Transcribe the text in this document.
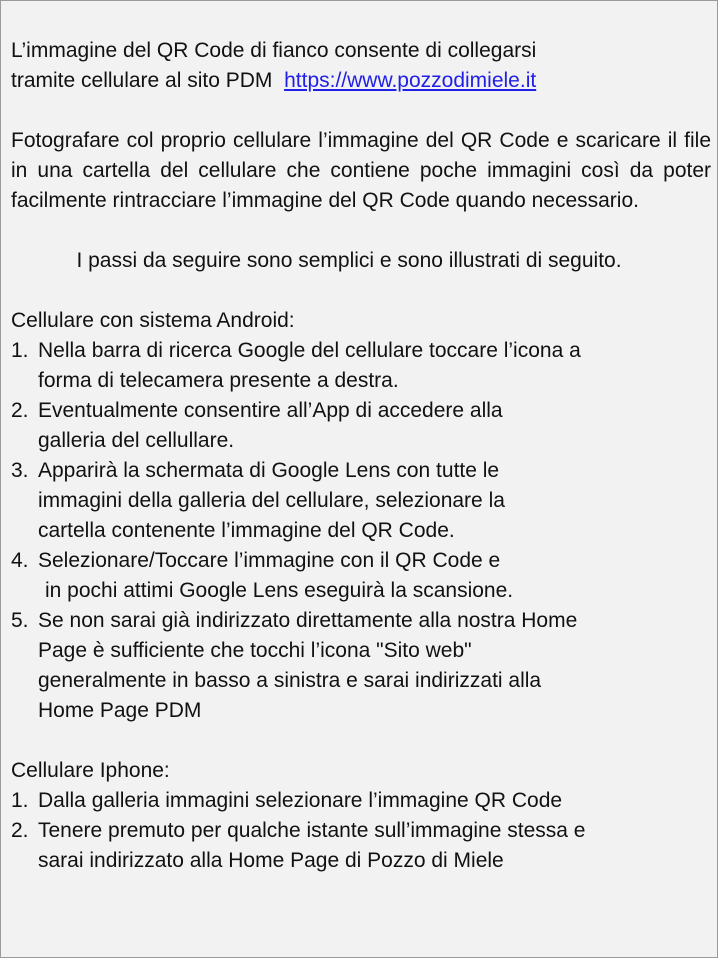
L’immagine del QR Code di fianco consente di collegarsi
tramite cellulare al sito PDM https://www.pozzodimiele.it

Fotografare col proprio cellulare l’immagine del QR Code e scaricare il file in una cartella del cellulare che contiene poche immagini così da poter facilmente rintracciare l’immagine del QR Code quando necessario.

I passi da seguire sono semplici e sono illustrati di seguito.

Cellulare con sistema Android:

1. Nella barra di ricerca Google del cellulare toccare l’icona a
forma di telecamera presente a destra.
2. Eventualmente consentire all’App di accedere alla
galleria del cellullare.
3. Apparirà la schermata di Google Lens con tutte le
immagini della galleria del cellulare, selezionare la
cartella contenente l’immagine del QR Code.
4. Selezionare/Toccare l’immagine con il QR Code e
in pochi attimi Google Lens eseguirà la scansione.
5. Se non sarai già indirizzato direttamente alla nostra Home
Page è sufficiente che tocchi l’icona "Sito web"
generalmente in basso a sinistra e sarai indirizzati alla
Home Page PDM

Cellulare Iphone:

1. Dalla galleria immagini selezionare l’immagine QR Code
2. Tenere premuto per qualche istante sull’immagine stessa e
sarai indirizzato alla Home Page di Pozzo di Miele
